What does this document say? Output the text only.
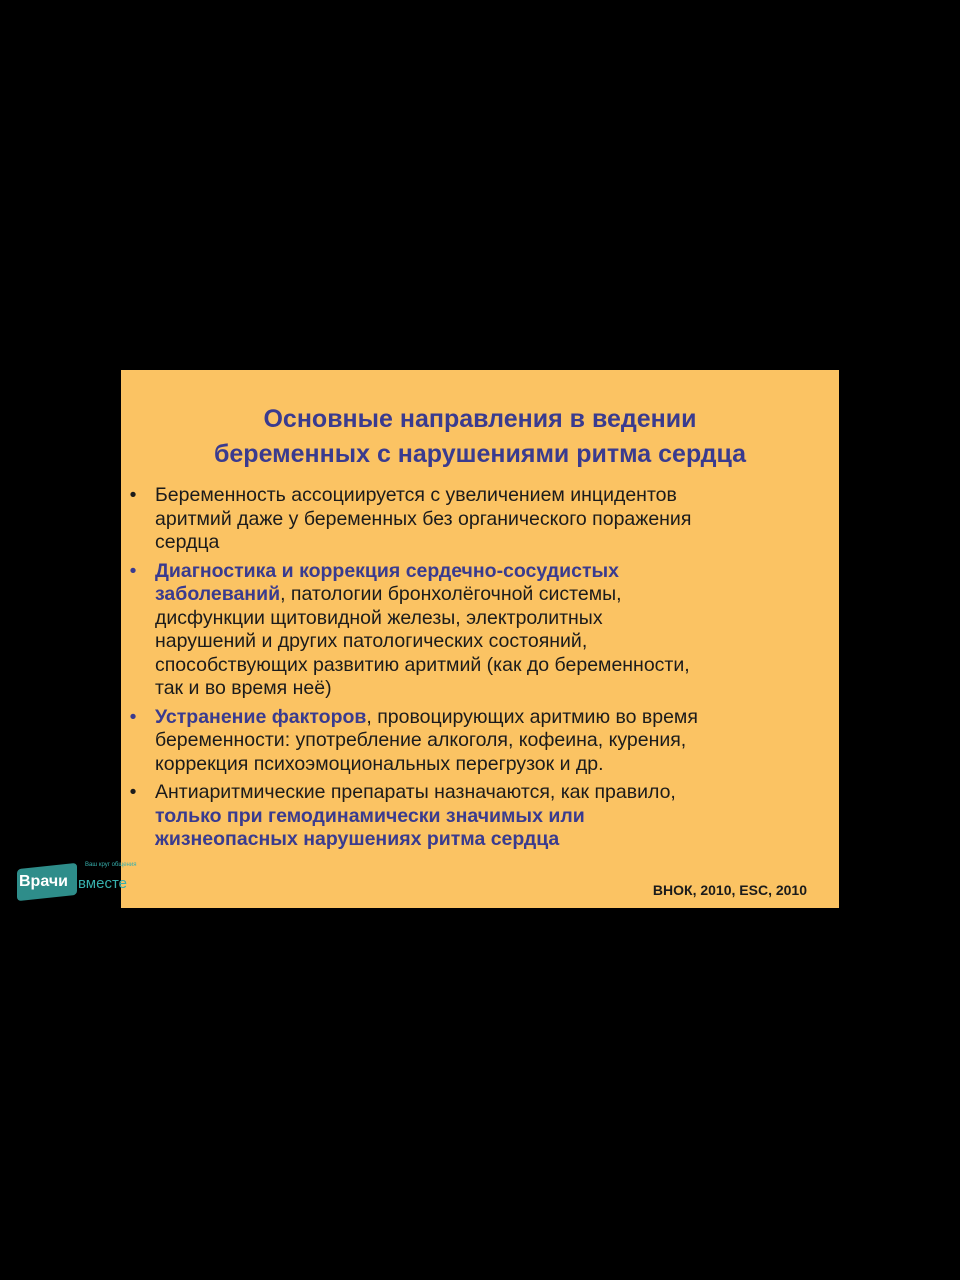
Основные направления в ведении
беременных с нарушениями ритма сердца
• Беременность ассоциируется с увеличением инцидентов
аритмий даже у беременных без органического поражения
сердца
• Диагностика и коррекция сердечно-сосудистых
заболеваний, патологии бронхолёгочной системы,
дисфункции щитовидной железы, электролитных
нарушений и других патологических состояний,
способствующих развитию аритмий (как до беременности,
так и во время неё)
• Устранение факторов, провоцирующих аритмию во время
беременности: употребление алкоголя, кофеина, курения,
коррекция психоэмоциональных перегрузок и др.
• Антиаритмические препараты назначаются, как правило,
только при гемодинамически значимых или
жизнеопасных нарушениях ритма сердца
ВНОК, 2010, ESC, 2010
Врачи вместе
Ваш круг общения
